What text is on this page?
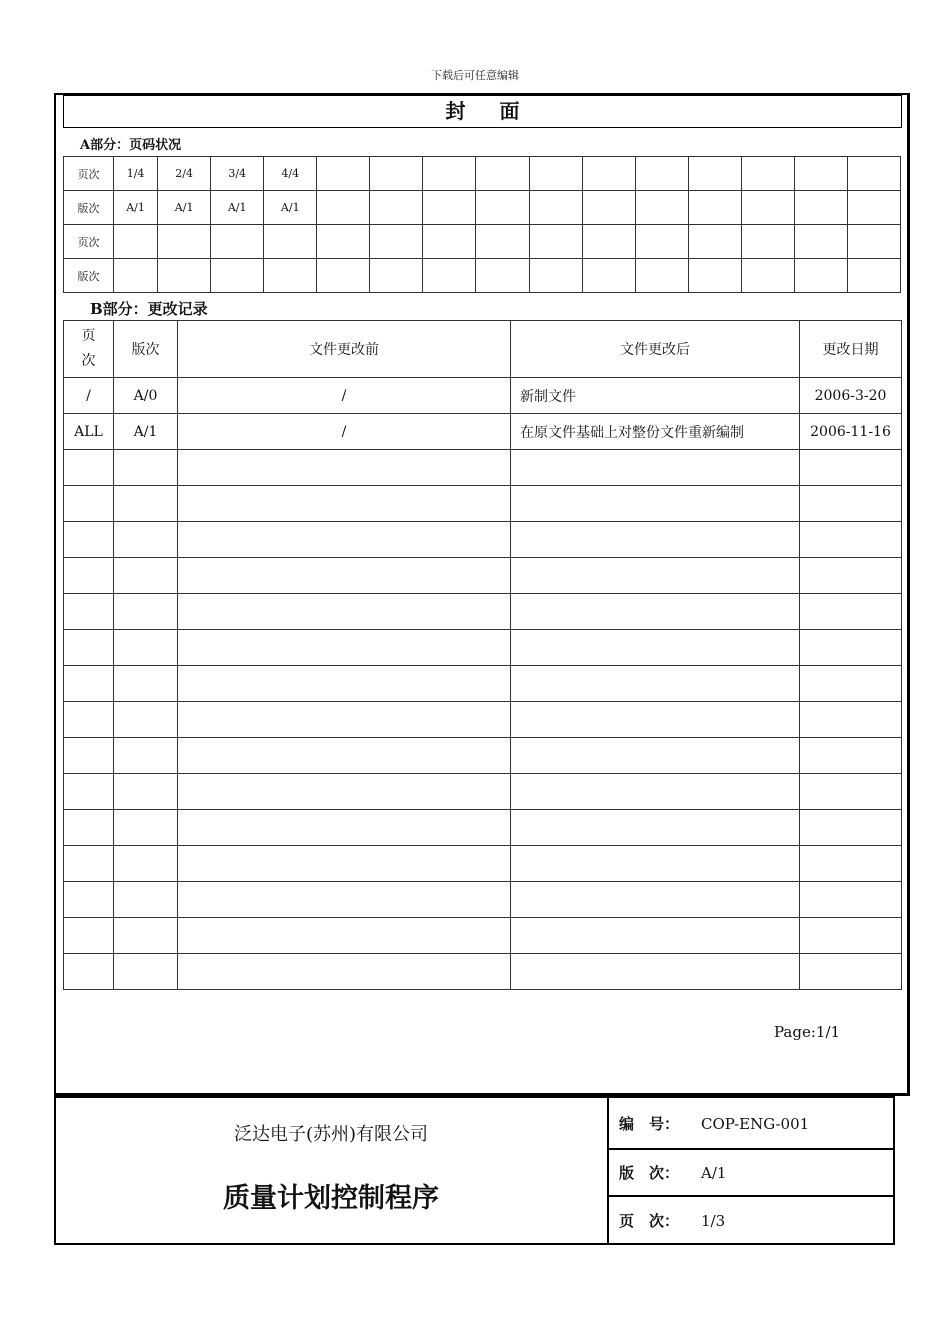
下载后可任意编辑
封面
A部分：页码状况
页次	1/4	2/4	3/4	4/4											
版次	A/1	A/1	A/1	A/1											
页次															
版次															
B部分：更改记录
页次	版次	文件更改前	文件更改后	更改日期
/	A/0	/	新制文件	2006-3-20
ALL	A/1	/	在原文件基础上对整份文件重新编制	2006-11-16

Page:1/1
泛达电子(苏州)有限公司
质量计划控制程序
编　号： COP-ENG-001
版　次： A/1
页　次： 1/3
